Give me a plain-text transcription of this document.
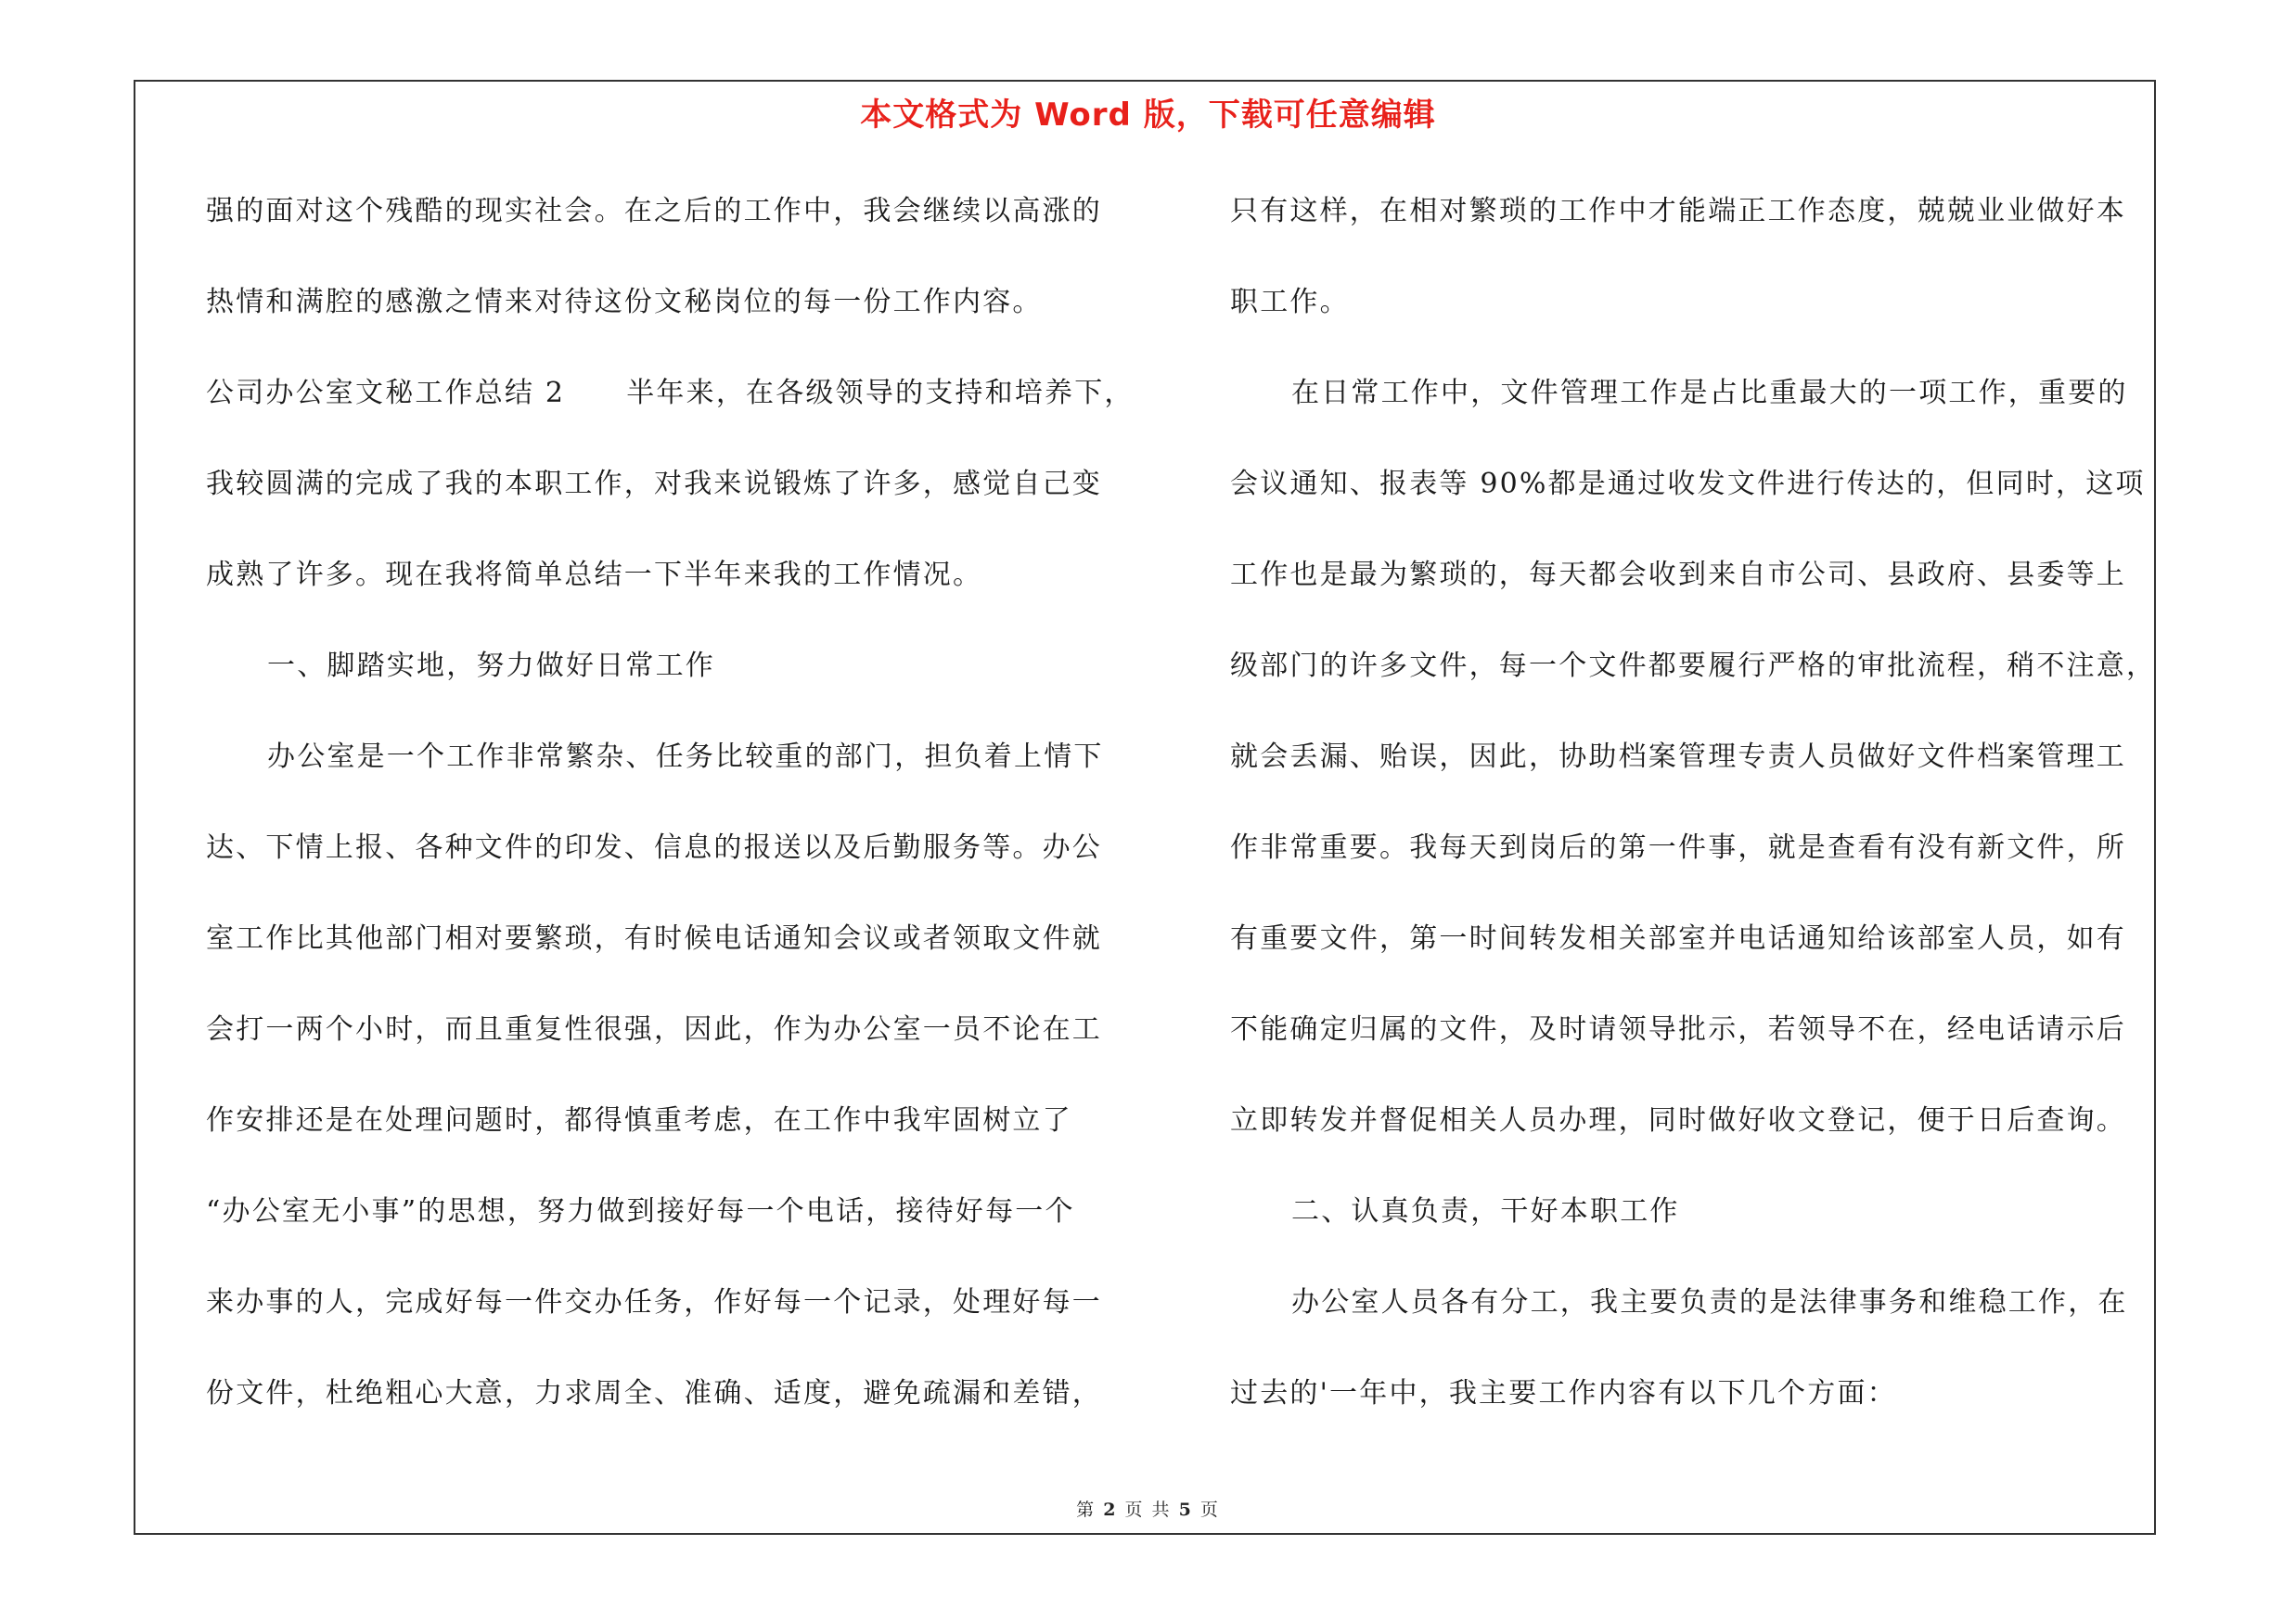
本文格式为 Word 版，下载可任意编辑
强的面对这个残酷的现实社会。在之后的工作中，我会继续以高涨的
热情和满腔的感激之情来对待这份文秘岗位的每一份工作内容。
公司办公室文秘工作总结 2 半年来，在各级领导的支持和培养下，
我较圆满的完成了我的本职工作，对我来说锻炼了许多，感觉自己变
成熟了许多。现在我将简单总结一下半年来我的工作情况。
一、脚踏实地，努力做好日常工作
办公室是一个工作非常繁杂、任务比较重的部门，担负着上情下
达、下情上报、各种文件的印发、信息的报送以及后勤服务等。办公
室工作比其他部门相对要繁琐，有时候电话通知会议或者领取文件就
会打一两个小时，而且重复性很强，因此，作为办公室一员不论在工
作安排还是在处理问题时，都得慎重考虑，在工作中我牢固树立了
“办公室无小事”的思想，努力做到接好每一个电话，接待好每一个
来办事的人，完成好每一件交办任务，作好每一个记录，处理好每一
份文件，杜绝粗心大意，力求周全、准确、适度，避免疏漏和差错，
只有这样，在相对繁琐的工作中才能端正工作态度，兢兢业业做好本
职工作。
在日常工作中，文件管理工作是占比重最大的一项工作，重要的
会议通知、报表等 90%都是通过收发文件进行传达的，但同时，这项
工作也是最为繁琐的，每天都会收到来自市公司、县政府、县委等上
级部门的许多文件，每一个文件都要履行严格的审批流程，稍不注意，
就会丢漏、贻误，因此，协助档案管理专责人员做好文件档案管理工
作非常重要。我每天到岗后的第一件事，就是查看有没有新文件，所
有重要文件，第一时间转发相关部室并电话通知给该部室人员，如有
不能确定归属的文件，及时请领导批示，若领导不在，经电话请示后
立即转发并督促相关人员办理，同时做好收文登记，便于日后查询。
二、认真负责，干好本职工作
办公室人员各有分工，我主要负责的是法律事务和维稳工作，在
过去的'一年中，我主要工作内容有以下几个方面：
第 2 页 共 5 页
